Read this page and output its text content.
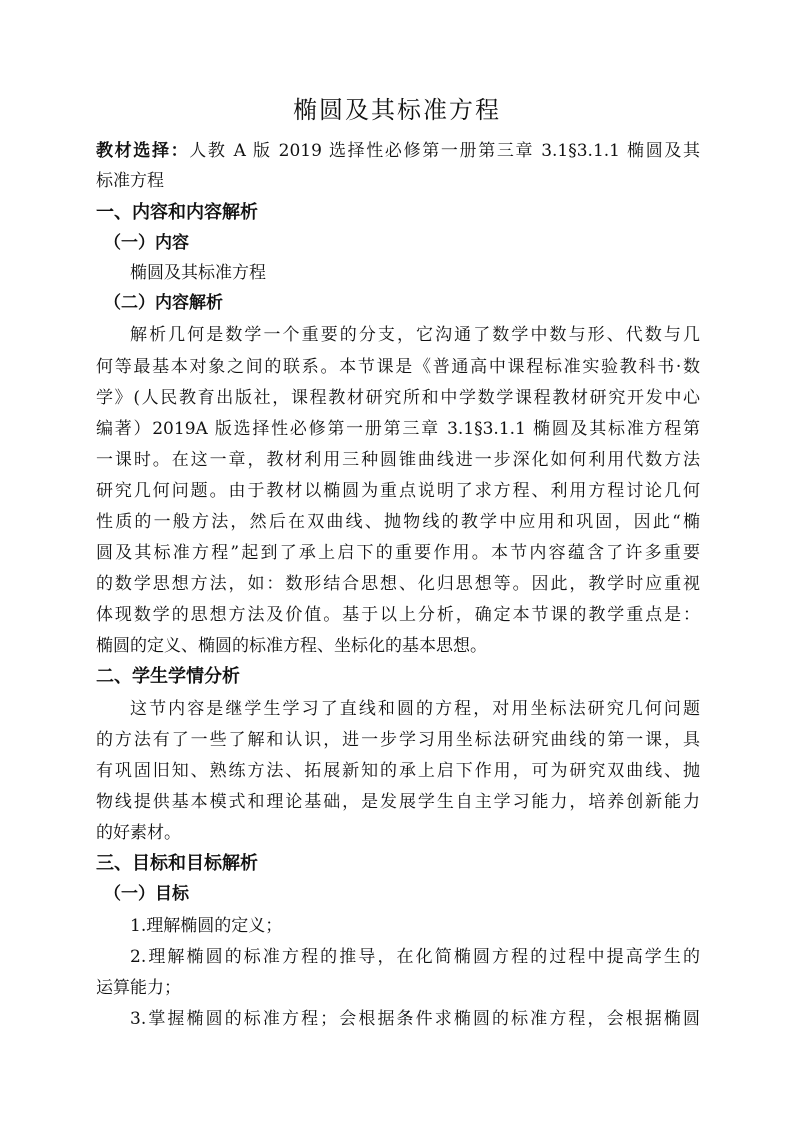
椭圆及其标准方程
教材选择：人教 A 版 2019 选择性必修第一册第三章 3.1§3.1.1 椭圆及其
标准方程
一、内容和内容解析
（一）内容
椭圆及其标准方程
（二）内容解析
解析几何是数学一个重要的分支，它沟通了数学中数与形、代数与几
何等最基本对象之间的联系。本节课是《普通高中课程标准实验教科书·数
学》(人民教育出版社，课程教材研究所和中学数学课程教材研究开发中心
编著）2019A 版选择性必修第一册第三章 3.1§3.1.1 椭圆及其标准方程第
一课时。在这一章，教材利用三种圆锥曲线进一步深化如何利用代数方法
研究几何问题。由于教材以椭圆为重点说明了求方程、利用方程讨论几何
性质的一般方法，然后在双曲线、抛物线的教学中应用和巩固，因此“椭
圆及其标准方程”起到了承上启下的重要作用。本节内容蕴含了许多重要
的数学思想方法，如：数形结合思想、化归思想等。因此，教学时应重视
体现数学的思想方法及价值。基于以上分析，确定本节课的教学重点是：
椭圆的定义、椭圆的标准方程、坐标化的基本思想。
二、学生学情分析
这节内容是继学生学习了直线和圆的方程，对用坐标法研究几何问题
的方法有了一些了解和认识，进一步学习用坐标法研究曲线的第一课，具
有巩固旧知、熟练方法、拓展新知的承上启下作用，可为研究双曲线、抛
物线提供基本模式和理论基础，是发展学生自主学习能力，培养创新能力
的好素材。
三、目标和目标解析
（一）目标
1.理解椭圆的定义；
2.理解椭圆的标准方程的推导，在化简椭圆方程的过程中提高学生的
运算能力；
3.掌握椭圆的标准方程；会根据条件求椭圆的标准方程，会根据椭圆
